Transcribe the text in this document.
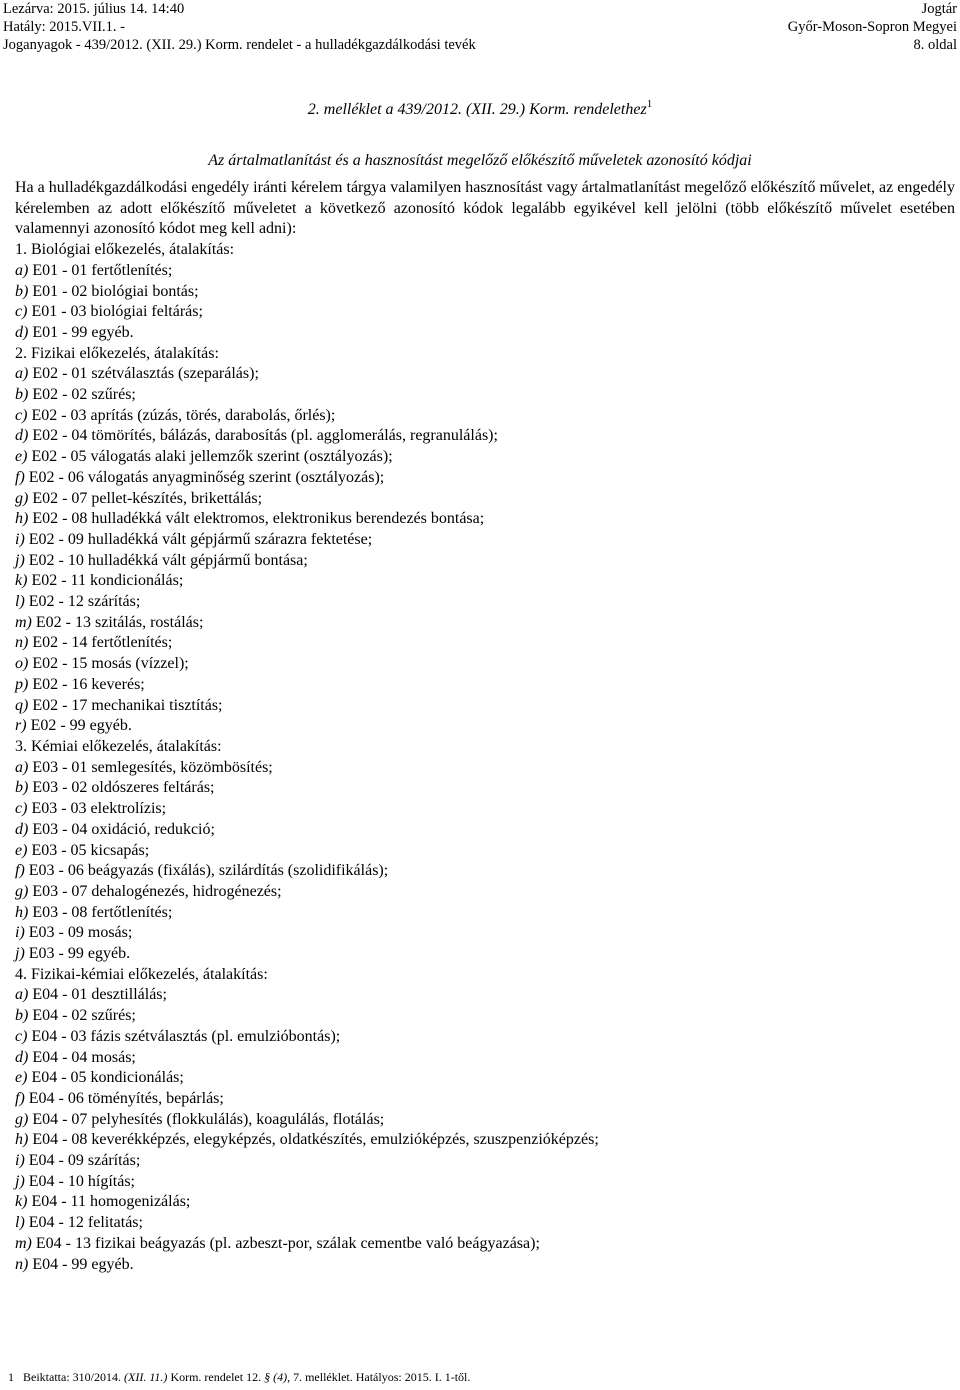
Lezárva: 2015. július 14. 14:40
Hatály: 2015.VII.1. -
Joganyagok - 439/2012. (XII. 29.) Korm. rendelet - a hulladékgazdálkodási tevék
Jogtár
Győr-Moson-Sopron Megyei
8. oldal
2. melléklet a 439/2012. (XII. 29.) Korm. rendelethez$^1$
Az ártalmatlanítást és a hasznosítást megelőző előkészítő műveletek azonosító kódjai
Ha a hulladékgazdálkodási engedély iránti kérelem tárgya valamilyen hasznosítást vagy ártalmatlanítást megelőző előkészítő művelet, az engedély kérelemben az adott előkészítő műveletet a következő azonosító kódok legalább egyikével kell jelölni (több előkészítő művelet esetében valamennyi azonosító kódot meg kell adni):
1. Biológiai előkezelés, átalakítás:
a) E01 - 01 fertőtlenítés;
b) E01 - 02 biológiai bontás;
c) E01 - 03 biológiai feltárás;
d) E01 - 99 egyéb.
2. Fizikai előkezelés, átalakítás:
a) E02 - 01 szétválasztás (szeparálás);
b) E02 - 02 szűrés;
c) E02 - 03 aprítás (zúzás, törés, darabolás, őrlés);
d) E02 - 04 tömörítés, bálázás, darabosítás (pl. agglomerálás, regranulálás);
e) E02 - 05 válogatás alaki jellemzők szerint (osztályozás);
f) E02 - 06 válogatás anyagminőség szerint (osztályozás);
g) E02 - 07 pellet-készítés, brikettálás;
h) E02 - 08 hulladékká vált elektromos, elektronikus berendezés bontása;
i) E02 - 09 hulladékká vált gépjármű szárazra fektetése;
j) E02 - 10 hulladékká vált gépjármű bontása;
k) E02 - 11 kondicionálás;
l) E02 - 12 szárítás;
m) E02 - 13 szitálás, rostálás;
n) E02 - 14 fertőtlenítés;
o) E02 - 15 mosás (vízzel);
p) E02 - 16 keverés;
q) E02 - 17 mechanikai tisztítás;
r) E02 - 99 egyéb.
3. Kémiai előkezelés, átalakítás:
a) E03 - 01 semlegesítés, közömbösítés;
b) E03 - 02 oldószeres feltárás;
c) E03 - 03 elektrolízis;
d) E03 - 04 oxidáció, redukció;
e) E03 - 05 kicsapás;
f) E03 - 06 beágyazás (fixálás), szilárdítás (szolidifikálás);
g) E03 - 07 dehalogénezés, hidrogénezés;
h) E03 - 08 fertőtlenítés;
i) E03 - 09 mosás;
j) E03 - 99 egyéb.
4. Fizikai-kémiai előkezelés, átalakítás:
a) E04 - 01 desztillálás;
b) E04 - 02 szűrés;
c) E04 - 03 fázis szétválasztás (pl. emulzióbontás);
d) E04 - 04 mosás;
e) E04 - 05 kondicionálás;
f) E04 - 06 töményítés, bepárlás;
g) E04 - 07 pelyhesítés (flokkulálás), koagulálás, flotálás;
h) E04 - 08 keverékképzés, elegyképzés, oldatkészítés, emulzióképzés, szuszpenzióképzés;
i) E04 - 09 szárítás;
j) E04 - 10 hígítás;
k) E04 - 11 homogenizálás;
l) E04 - 12 felitatás;
m) E04 - 13 fizikai beágyazás (pl. azbeszt-por, szálak cementbe való beágyazása);
n) E04 - 99 egyéb.
1 Beiktatta: 310/2014. (XII. 11.) Korm. rendelet 12. § (4), 7. melléklet. Hatályos: 2015. I. 1-től.
